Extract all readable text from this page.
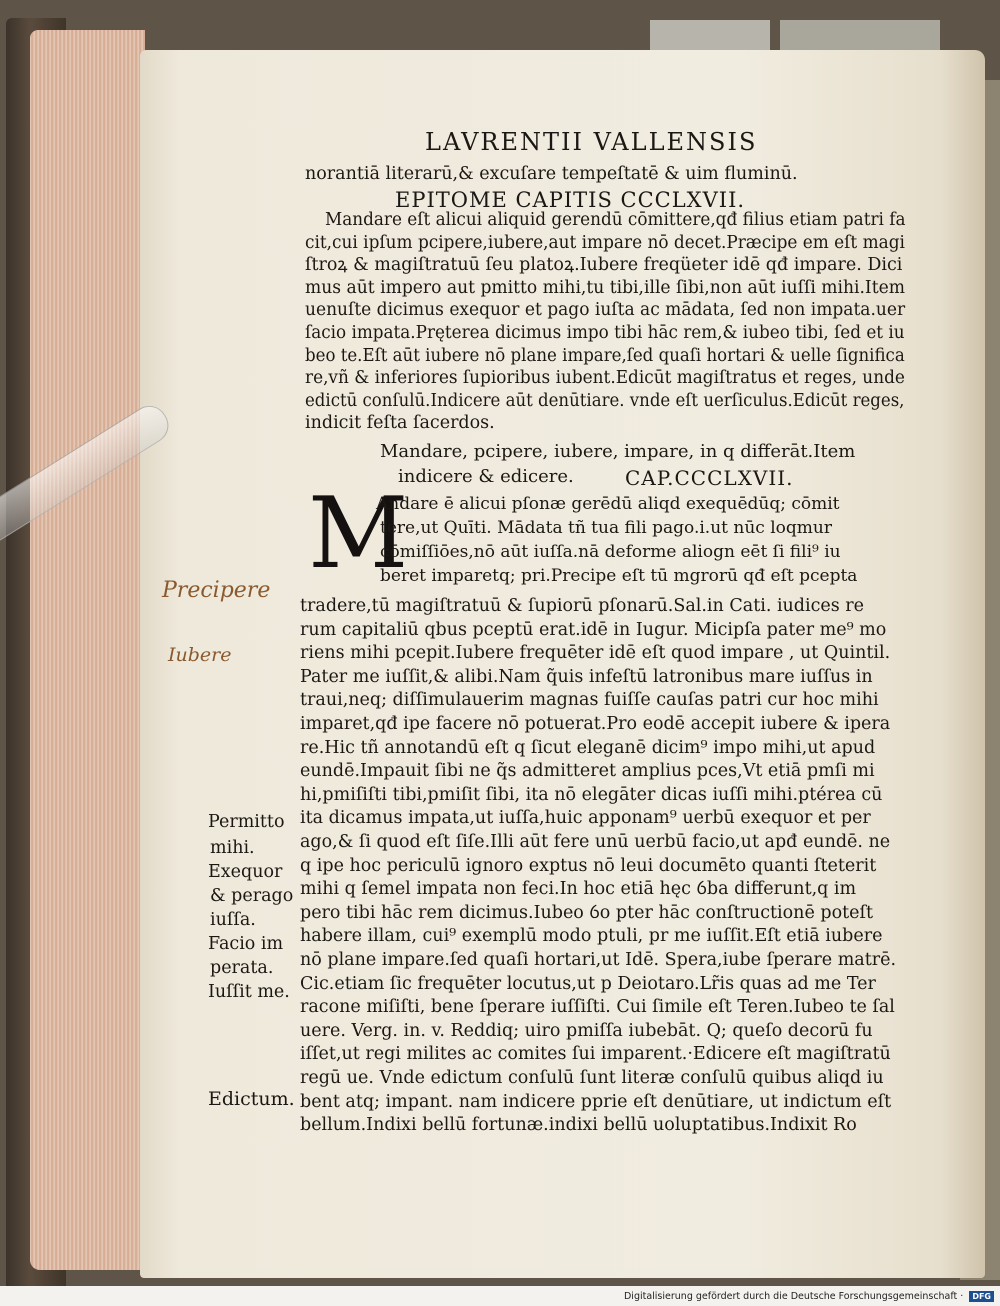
LAVRENTII VALLENSIS
norantiā literarū,& excuſare tempeſtatē & uim fluminū.
Mandare eſt alicui aliquid gerendū cōmittere,qđ filius etiam patri fa
cit,cui ipſum pcipere,iubere,aut impare nō decet.Præcipe em eſt magi
ſtroꝝ & magiſtratuū ſeu platoꝝ.Iubere freqüeter idē qđ impare. Dici
mus aūt impero aut pmitto mihi,tu tibi,ille ſibi,non aūt iuſſi mihi.Item
uenuſte dicimus exequor et pago iuſta ac mādata, ſed non impata.uer
ſacio impata.Pręterea dicimus impo tibi hāc rem,& iubeo tibi, ſed et iu
beo te.Eſt aūt iubere nō plane impare,ſed quaſi hortari & uelle ſignifica
re,vñ & inferiores ſupioribus iubent.Edicūt magiſtratus et reges, unde
edictū conſulū.Indicere aūt denūtiare. vnde eſt uerſiculus.Edicūt reges,
indicit feſta ſacerdos.
EPITOME CAPITIS CCCLXVII.
Mandare, pcipere, iubere, impare, in q differāt.Item
indicere & edicere.	CAP.CCCLXVII.
M
Andare ē alicui pſonæ gerēdū aliqd exequēdūq; cōmit
tere,ut Quīti. Mādata tñ tua fili pago.i.ut nūc loqmur
cōmiſſiōes,nō aūt iuſſa.nā deforme aliogn eēt ſi fili⁹ iu
beret imparetq; pri.Precipe eſt tū mgrorū qđ eſt pcepta
tradere,tū magiſtratuū & ſupiorū pſonarū.Sal.in Cati. iudices re
rum capitaliū qbus pceptū erat.idē in Iugur. Micipſa pater me⁹ mo
riens mihi pcepit.Iubere frequēter idē eſt quod impare , ut Quintil.
Pater me iuſſit,& alibi.Nam q̃uis infeſtū latronibus mare iuſſus in
traui,neq; diſſimulauerim magnas fuiſſe cauſas patri cur hoc mihi
imparet,qđ ipe facere nō potuerat.Pro eodē accepit iubere & ipera
re.Hic tñ annotandū eſt q ſicut eleganē dicim⁹ impo mihi,ut apud
eundē.Impauit ſibi ne q̃s admitteret amplius pces,Vt etiā pmſi mi
hi,pmiſiſti tibi,pmiſit ſibi, ita nō elegāter dicas iuſſi mihi.ptérea cū
ita dicamus impata,ut iuſſa,huic apponam⁹ uerbū exequor et per
ago,& ſi quod eſt ſiſe.Illi aūt fere unū uerbū facio,ut apđ eundē. ne
q ipe hoc periculū ignoro exptus nō leui documēto quanti ſteterit
mihi q ſemel impata non feci.In hoc etiā hęc ỽba differunt,q im
pero tibi hāc rem dicimus.Iubeo ỽo pter hāc conſtructionē poteſt
habere illam, cui⁹ exemplū modo ptuli, pr me iuſſit.Eſt etiā iubere
nō plane impare.ſed quaſi hortari,ut Idē. Spera,iube ſperare matrē.
Cic.etiam ſic frequēter locutus,ut p Deiotaro.Lr̃is quas ad me Ter
racone miſiſti, bene ſperare iuſſiſti. Cui ſimile eſt Teren.Iubeo te ſal
uere. Verg. in. v. Reddiq; uiro pmiſſa iubebāt. Q; queſo decorū fu
iſſet,ut regi milites ac comites ſui imparent.·Edicere eſt magiſtratū
regū ue. Vnde edictum conſulū ſunt literæ conſulū quibus aliqd iu
bent atq; impant. nam indicere pprie eſt denūtiare, ut indictum eſt
bellum.Indixi bellū fortunæ.indixi bellū uoluptatibus.Indixit Ro
Permitto
mihi.
Exequor
& perago
iuſſa.
Facio im
perata.
Iuſſit me.
Edictum.
Precipere
Iubere
Digitalisierung gefördert durch die Deutsche Forschungsgemeinschaft ·	DFG
